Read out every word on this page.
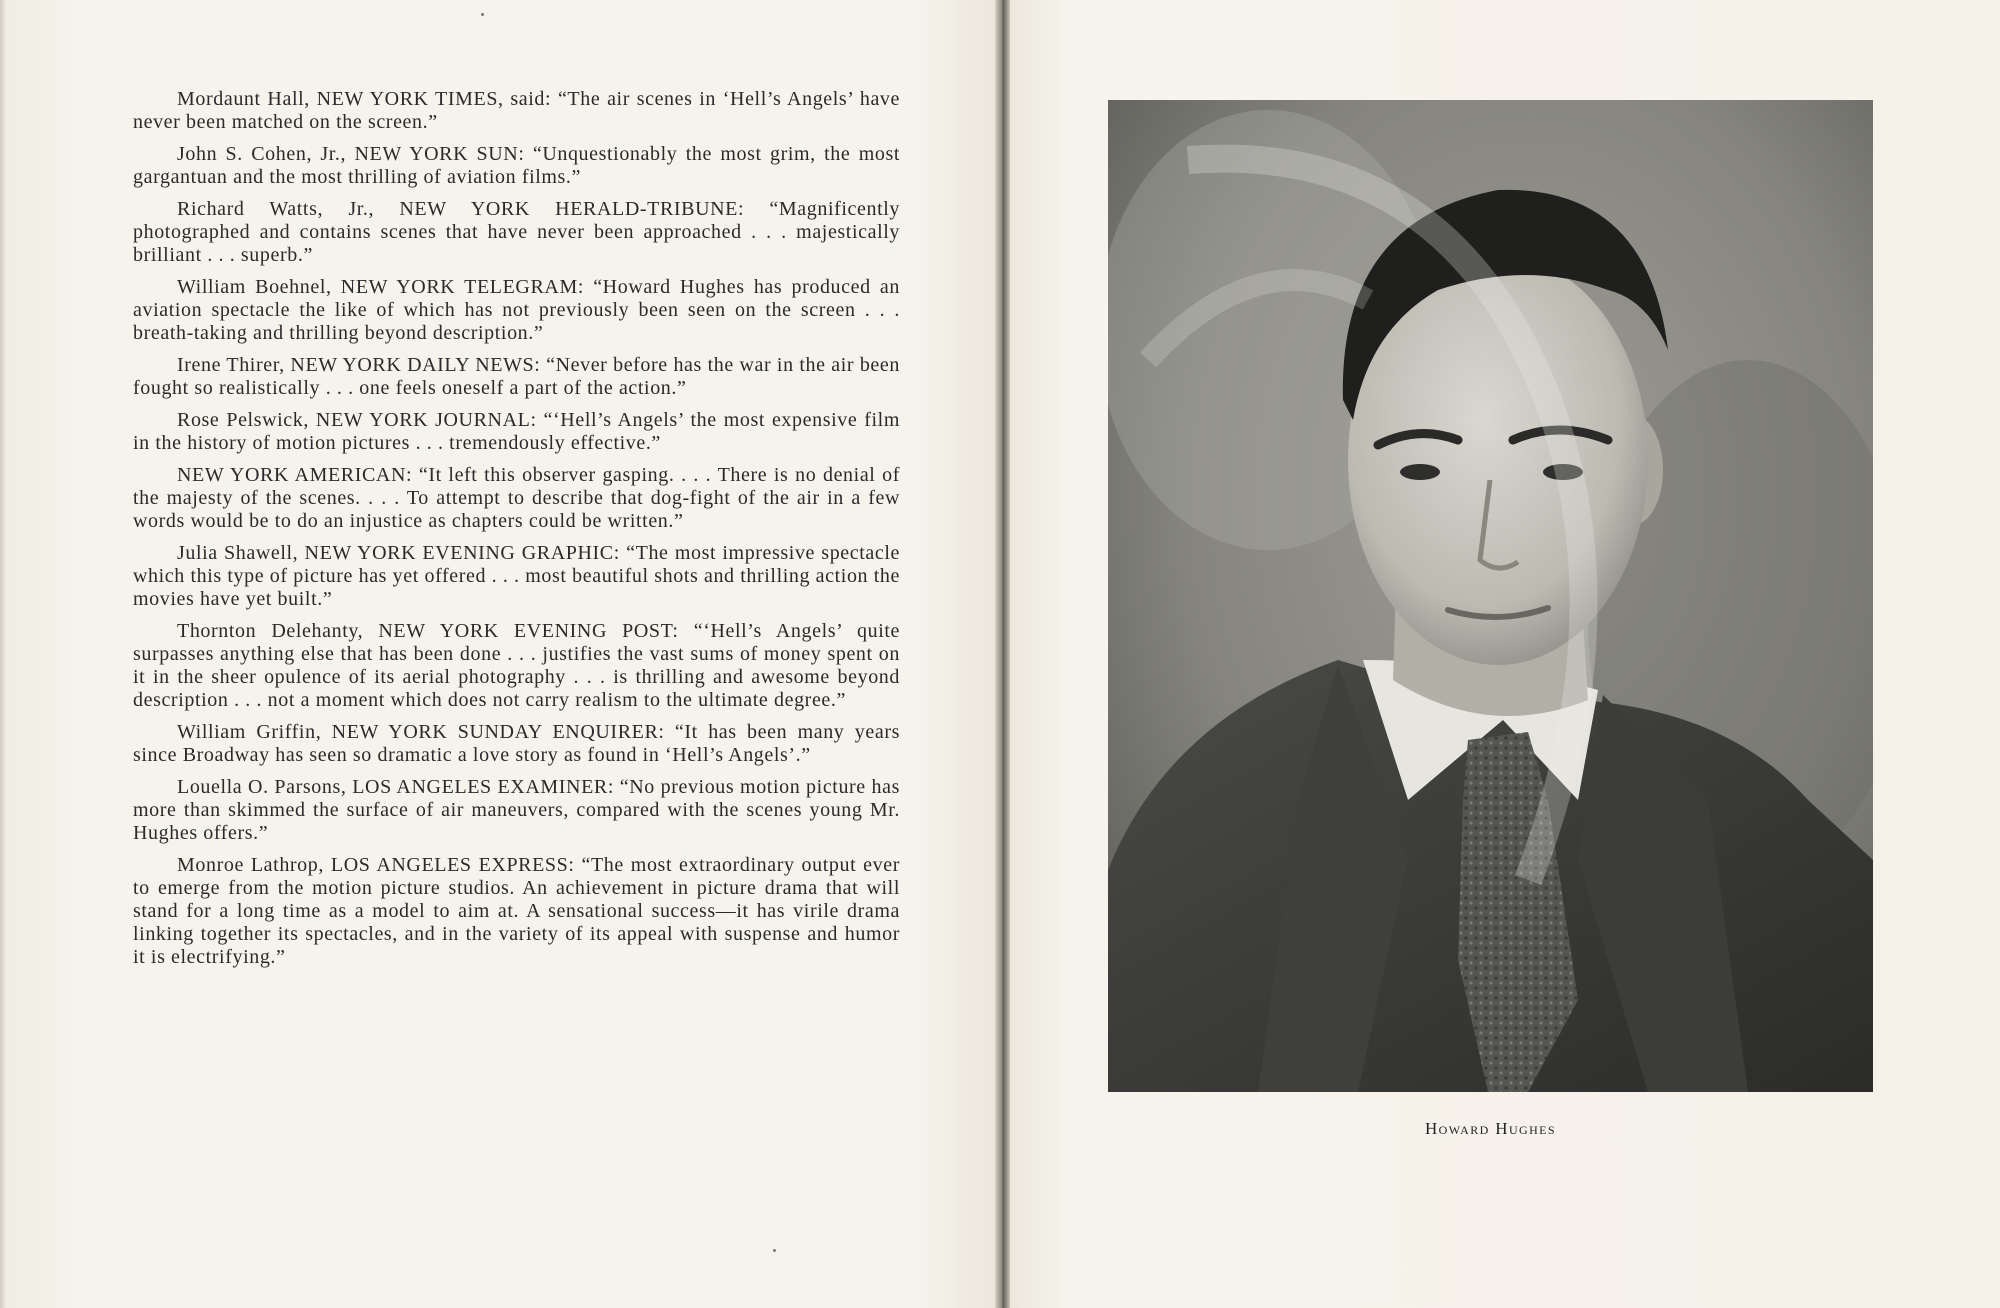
Mordaunt Hall, NEW YORK TIMES, said: “The air scenes in ‘Hell’s Angels’ have never been matched on the screen.”

John S. Cohen, Jr., NEW YORK SUN: “Unquestionably the most grim, the most gargantuan and the most thrilling of aviation films.”

Richard Watts, Jr., NEW YORK HERALD-TRIBUNE: “Magnificently photographed and contains scenes that have never been approached . . . majestically brilliant . . . superb.”

William Boehnel, NEW YORK TELEGRAM: “Howard Hughes has produced an aviation spectacle the like of which has not previously been seen on the screen . . . breath-taking and thrilling beyond description.”

Irene Thirer, NEW YORK DAILY NEWS: “Never before has the war in the air been fought so realistically . . . one feels oneself a part of the action.”

Rose Pelswick, NEW YORK JOURNAL: “‘Hell’s Angels’ the most expensive film in the history of motion pictures . . . tremendously effective.”

NEW YORK AMERICAN: “It left this observer gasping. . . . There is no denial of the majesty of the scenes. . . . To attempt to describe that dog-fight of the air in a few words would be to do an injustice as chapters could be written.”

Julia Shawell, NEW YORK EVENING GRAPHIC: “The most impressive spectacle which this type of picture has yet offered . . . most beautiful shots and thrilling action the movies have yet built.”

Thornton Delehanty, NEW YORK EVENING POST: “‘Hell’s Angels’ quite surpasses anything else that has been done . . . justifies the vast sums of money spent on it in the sheer opulence of its aerial photography . . . is thrilling and awesome beyond description . . . not a moment which does not carry realism to the ultimate degree.”

William Griffin, NEW YORK SUNDAY ENQUIRER: “It has been many years since Broadway has seen so dramatic a love story as found in ‘Hell’s Angels’.”

Louella O. Parsons, LOS ANGELES EXAMINER: “No previous motion picture has more than skimmed the surface of air maneuvers, compared with the scenes young Mr. Hughes offers.”

Monroe Lathrop, LOS ANGELES EXPRESS: “The most extraordinary output ever to emerge from the motion picture studios. An achievement in picture drama that will stand for a long time as a model to aim at. A sensational success—it has virile drama linking together its spectacles, and in the variety of its appeal with suspense and humor it is electrifying.”

Howard Hughes
